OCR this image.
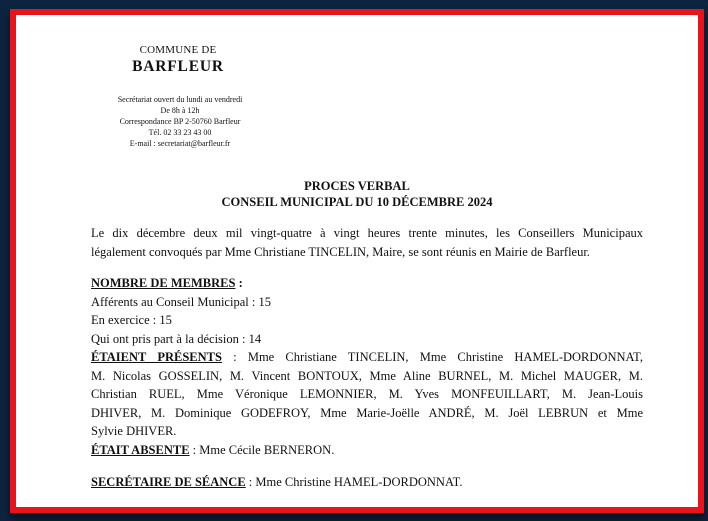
COMMUNE DE
BARFLEUR
Secrétariat ouvert du lundi au vendredi
De 8h à 12h
Correspondance BP 2-50760 Barfleur
Tél. 02 33 23 43 00
E-mail : secretariat@barfleur.fr
PROCES VERBAL
CONSEIL MUNICIPAL DU 10 DÉCEMBRE 2024
Le dix décembre deux mil vingt-quatre à vingt heures trente minutes, les Conseillers Municipaux
légalement convoqués par Mme Christiane TINCELIN, Maire, se sont réunis en Mairie de Barfleur.
NOMBRE DE MEMBRES :
Afférents au Conseil Municipal : 15
En exercice : 15
Qui ont pris part à la décision : 14
ÉTAIENT PRÉSENTS : Mme Christiane TINCELIN, Mme Christine HAMEL-DORDONNAT,
M. Nicolas GOSSELIN, M. Vincent BONTOUX, Mme Aline BURNEL, M. Michel MAUGER, M.
Christian RUEL, Mme Véronique LEMONNIER, M. Yves MONFEUILLART, M. Jean-Louis
DHIVER, M. Dominique GODEFROY, Mme Marie-Joëlle ANDRÉ, M. Joël LEBRUN et Mme
Sylvie DHIVER.
ÉTAIT ABSENTE : Mme Cécile BERNERON.
SECRÉTAIRE DE SÉANCE : Mme Christine HAMEL-DORDONNAT.
